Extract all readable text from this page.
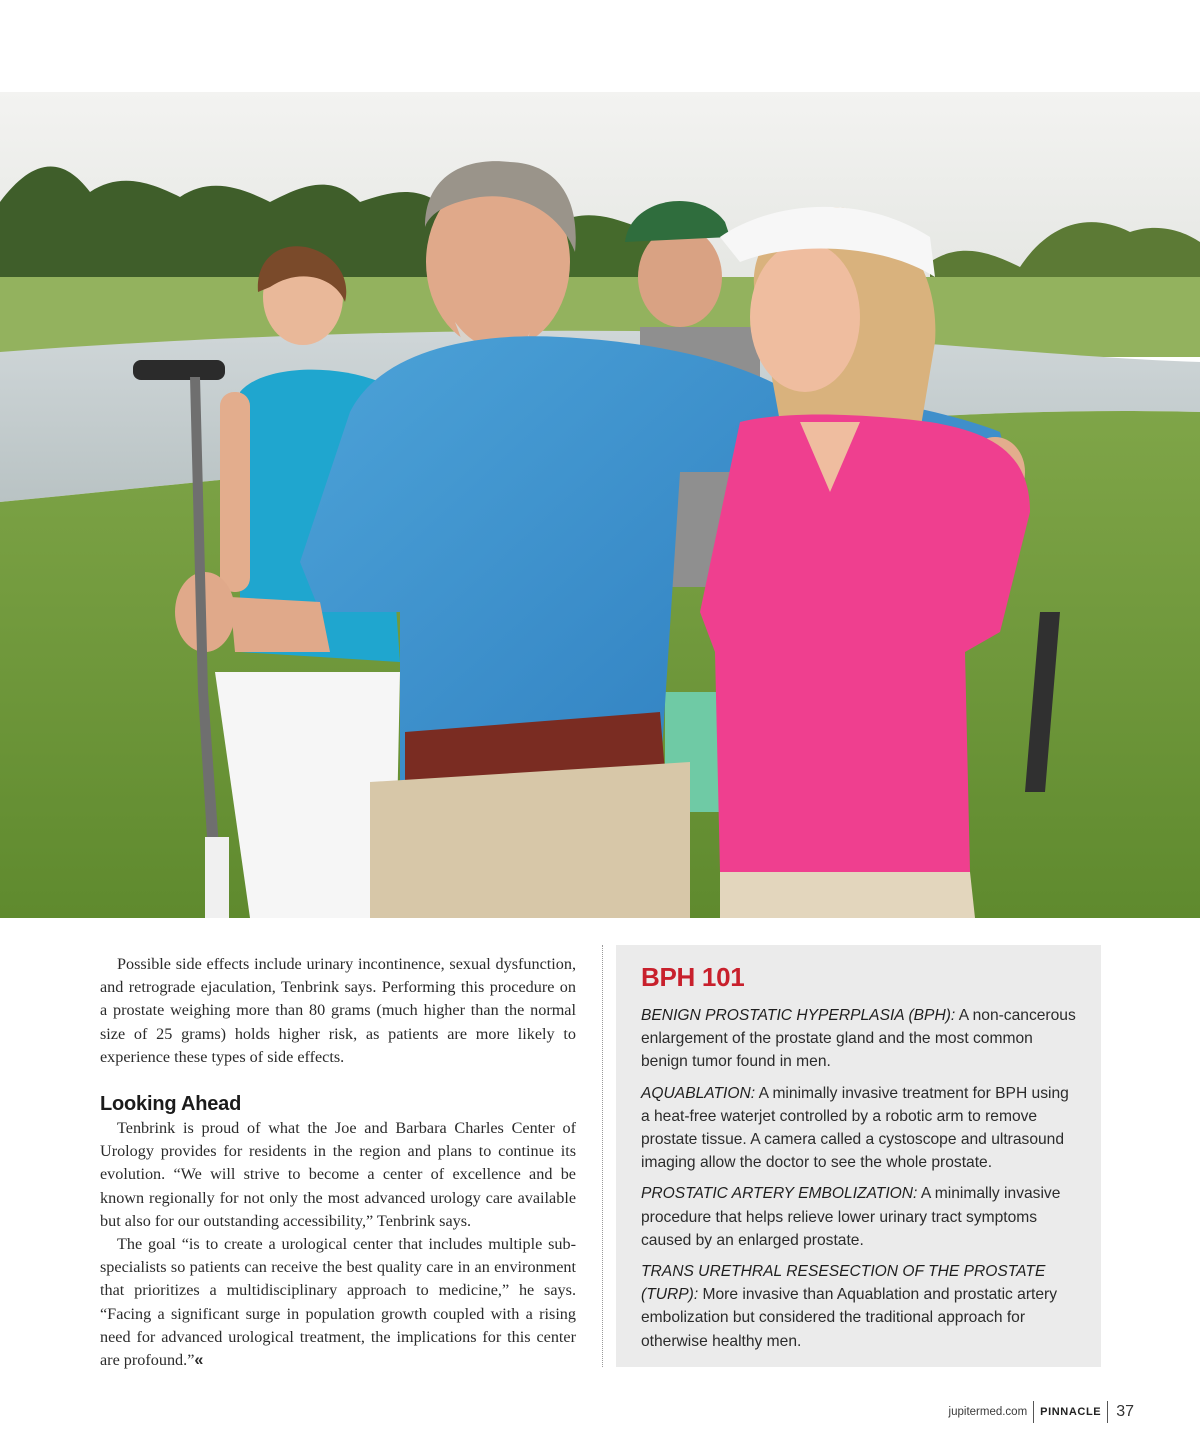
Possible side effects include urinary incontinence, sexual dysfunction, and retrograde ejaculation, Tenbrink says. Performing this procedure on a prostate weighing more than 80 grams (much higher than the normal size of 25 grams) holds higher risk, as patients are more likely to experience these types of side effects.

Looking Ahead

Tenbrink is proud of what the Joe and Barbara Charles Center of Urology provides for residents in the region and plans to continue its evolution. “We will strive to become a center of excellence and be known regionally for not only the most advanced urology care available but also for our outstanding accessibility,” Tenbrink says.

The goal “is to create a urological center that includes multiple sub-specialists so patients can receive the best quality care in an environment that prioritizes a multidisciplinary approach to medicine,” he says. “Facing a significant surge in population growth coupled with a rising need for advanced urological treatment, the implications for this center are profound.”«

BPH 101
BENIGN PROSTATIC HYPERPLASIA (BPH): A non-cancerous enlargement of the prostate gland and the most common benign tumor found in men.
AQUABLATION: A minimally invasive treatment for BPH using a heat-free waterjet controlled by a robotic arm to remove prostate tissue. A camera called a cystoscope and ultrasound imaging allow the doctor to see the whole prostate.
PROSTATIC ARTERY EMBOLIZATION: A minimally invasive procedure that helps relieve lower urinary tract symptoms caused by an enlarged prostate.
TRANS URETHRAL RESESECTION OF THE PROSTATE (TURP): More invasive than Aquablation and prostatic artery embolization but considered the traditional approach for otherwise healthy men.
jupitermed.com PINNACLE 37
